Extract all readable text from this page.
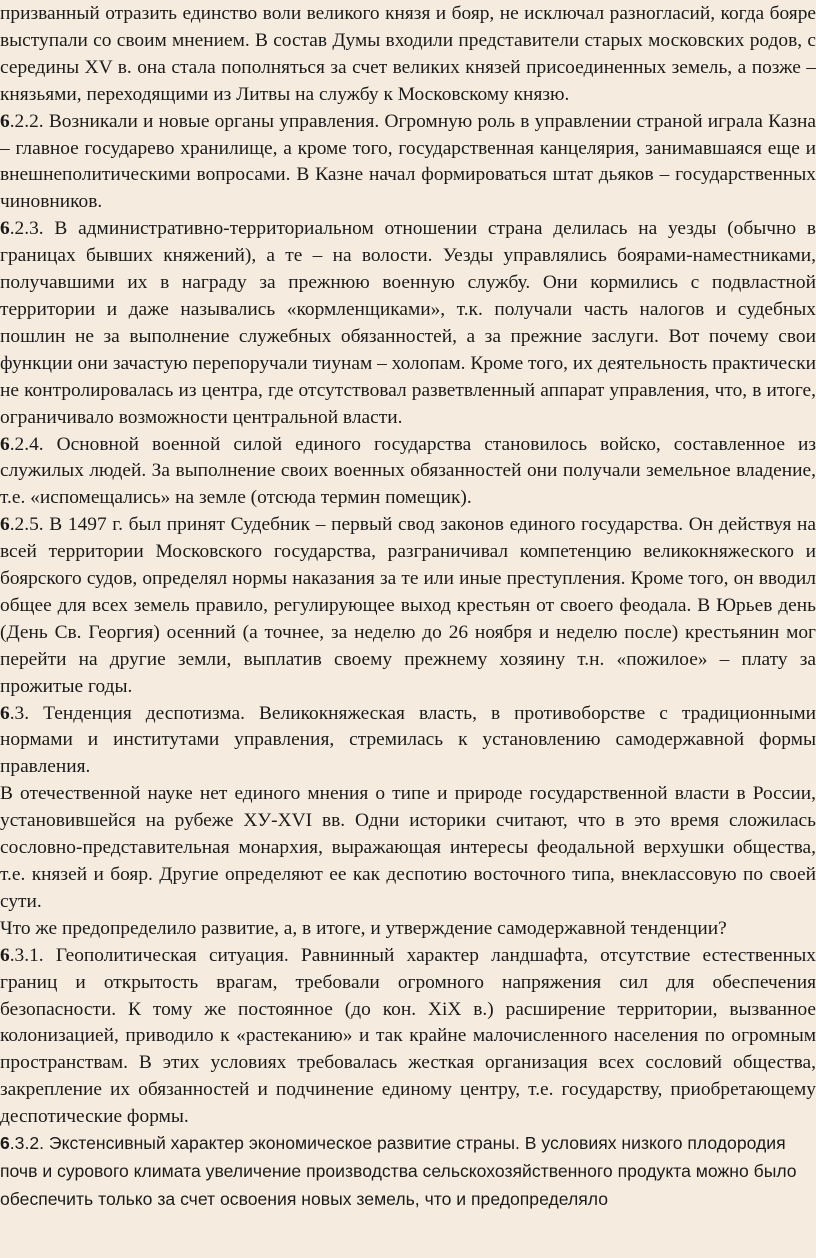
призванный отразить единство воли великого князя и бояр, не исключал разногласий, когда бояре выступали со своим мнением. В состав Думы входили представители старых московских родов, с середины XV в. она стала пополняться за счет великих князей присоединенных земель, а позже – князьями, переходящими из Литвы на службу к Московскому князю.

6.2.2. Возникали и новые органы управления. Огромную роль в управлении страной играла Казна – главное государево хранилище, а кроме того, государственная канцелярия, занимавшаяся еще и внешнеполитическими вопросами. В Казне начал формироваться штат дьяков – государственных чиновников.

6.2.3. В административно-территориальном отношении страна делилась на уезды (обычно в границах бывших княжений), а те – на волости. Уезды управлялись боярами-наместниками, получавшими их в награду за прежнюю военную службу. Они кормились с подвластной территории и даже назывались «кормленщиками», т.к. получали часть налогов и судебных пошлин не за выполнение служебных обязанностей, а за прежние заслуги. Вот почему свои функции они зачастую перепоручали тиунам – холопам. Кроме того, их деятельность практически не контролировалась из центра, где отсутствовал разветвленный аппарат управления, что, в итоге, ограничивало возможности центральной власти.

6.2.4. Основной военной силой единого государства становилось войско, составленное из служилых людей. За выполнение своих военных обязанностей они получали земельное владение, т.е. «испомещались» на земле (отсюда термин помещик).

6.2.5. В 1497 г. был принят Судебник – первый свод законов единого государства. Он действуя на всей территории Московского государства, разграничивал компетенцию великокняжеского и боярского судов, определял нормы наказания за те или иные преступления. Кроме того, он вводил общее для всех земель правило, регулирующее выход крестьян от своего феодала. В Юрьев день (День Св. Георгия) осенний (а точнее, за неделю до 26 ноября и неделю после) крестьянин мог перейти на другие земли, выплатив своему прежнему хозяину т.н. «пожилое» – плату за прожитые годы.

6.3. Тенденция деспотизма. Великокняжеская власть, в противоборстве с традиционными нормами и институтами управления, стремилась к установлению самодержавной формы правления.

В отечественной науке нет единого мнения о типе и природе государственной власти в России, установившейся на рубеже ХУ-XVI вв. Одни историки считают, что в это время сложилась сословно-представительная монархия, выражающая интересы феодальной верхушки общества, т.е. князей и бояр. Другие определяют ее как деспотию восточного типа, внеклассовую по своей сути.

Что же предопределило развитие, а, в итоге, и утверждение самодержавной тенденции?

6.3.1. Геополитическая ситуация. Равнинный характер ландшафта, отсутствие естественных границ и открытость врагам, требовали огромного напряжения сил для обеспечения безопасности. К тому же постоянное (до кон. XiX в.) расширение территории, вызванное колонизацией, приводило к «растеканию» и так крайне малочисленного населения по огромным пространствам. В этих условиях требовалась жесткая организация всех сословий общества, закрепление их обязанностей и подчинение единому центру, т.е. государству, приобретающему деспотические формы.

6.3.2. Экстенсивный характер экономическое развитие страны. В условиях низкого плодородия почв и сурового климата увеличение производства сельскохозяйственного продукта можно было обеспечить только за счет освоения новых земель, что и предопределяло
